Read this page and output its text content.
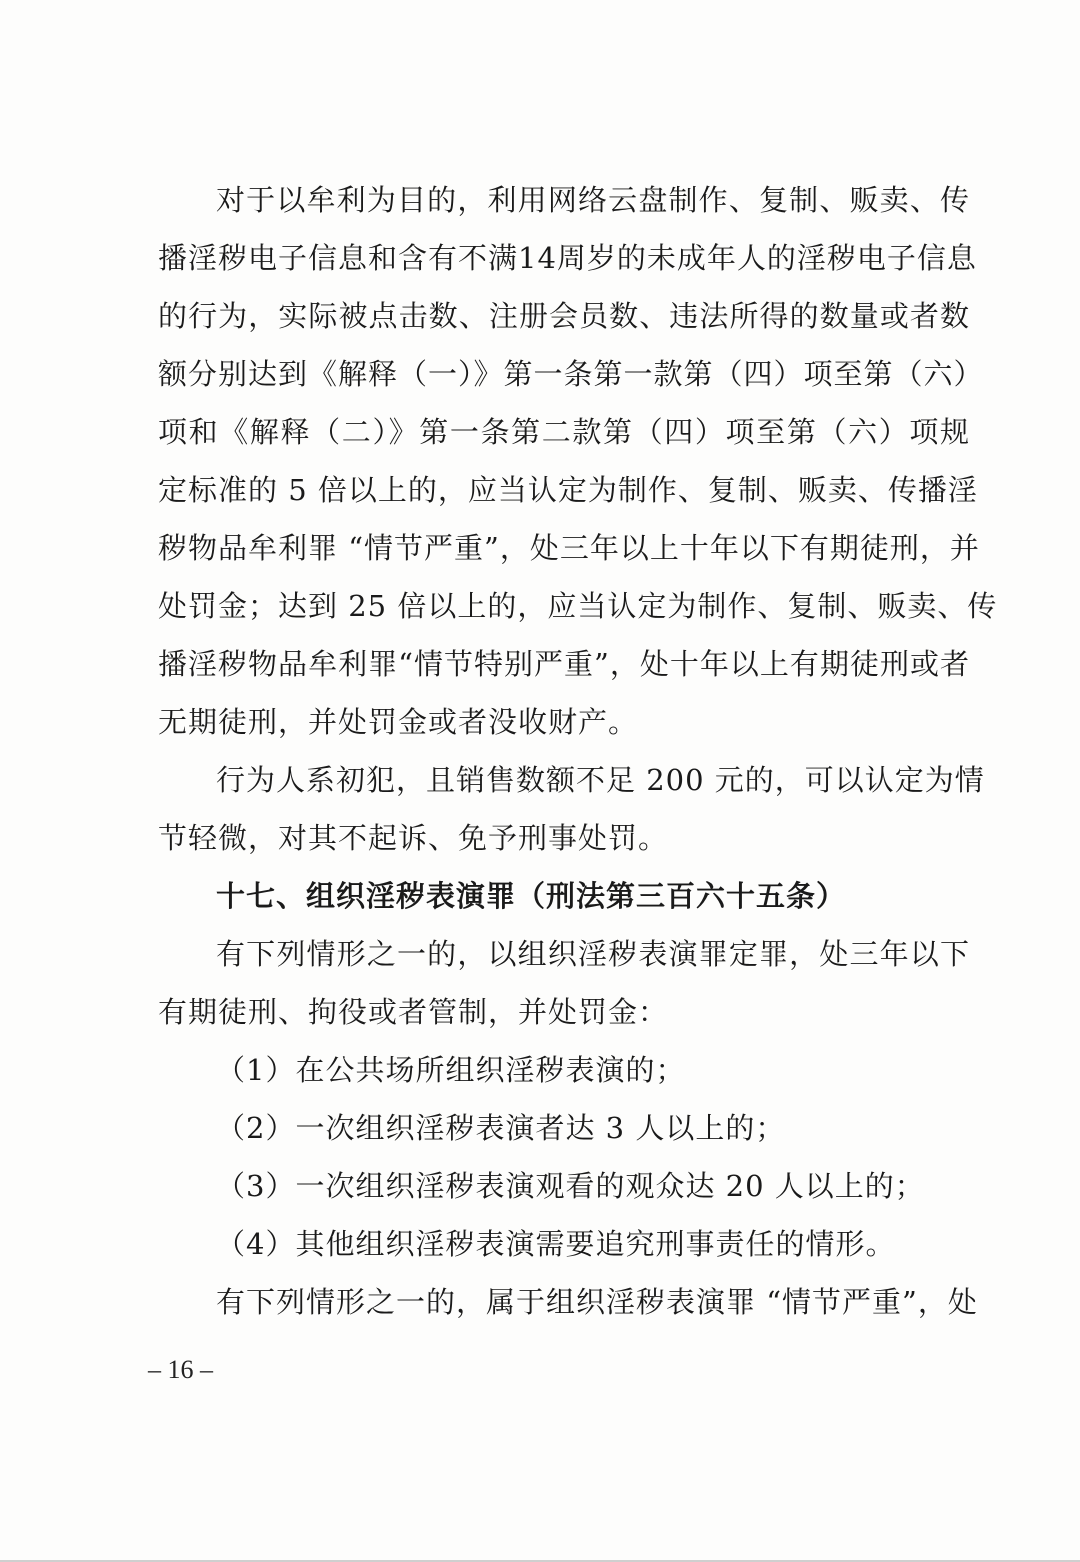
对于以牟利为目的，利用网络云盘制作、复制、贩卖、传
播淫秽电子信息和含有不满14周岁的未成年人的淫秽电子信息
的行为，实际被点击数、注册会员数、违法所得的数量或者数
额分别达到《解释（一）》第一条第一款第（四）项至第（六）
项和《解释（二）》第一条第二款第（四）项至第（六）项规
定标准的 5 倍以上的，应当认定为制作、复制、贩卖、传播淫
秽物品牟利罪 “情节严重”，处三年以上十年以下有期徒刑，并
处罚金；达到 25 倍以上的，应当认定为制作、复制、贩卖、传
播淫秽物品牟利罪“情节特别严重”，处十年以上有期徒刑或者
无期徒刑，并处罚金或者没收财产。
行为人系初犯，且销售数额不足 200 元的，可以认定为情
节轻微，对其不起诉、免予刑事处罚。
十七、组织淫秽表演罪（刑法第三百六十五条）
有下列情形之一的，以组织淫秽表演罪定罪，处三年以下
有期徒刑、拘役或者管制，并处罚金：
（1）在公共场所组织淫秽表演的；
（2）一次组织淫秽表演者达 3 人以上的；
（3）一次组织淫秽表演观看的观众达 20 人以上的；
（4）其他组织淫秽表演需要追究刑事责任的情形。
有下列情形之一的，属于组织淫秽表演罪 “情节严重”，处
– 16 –
